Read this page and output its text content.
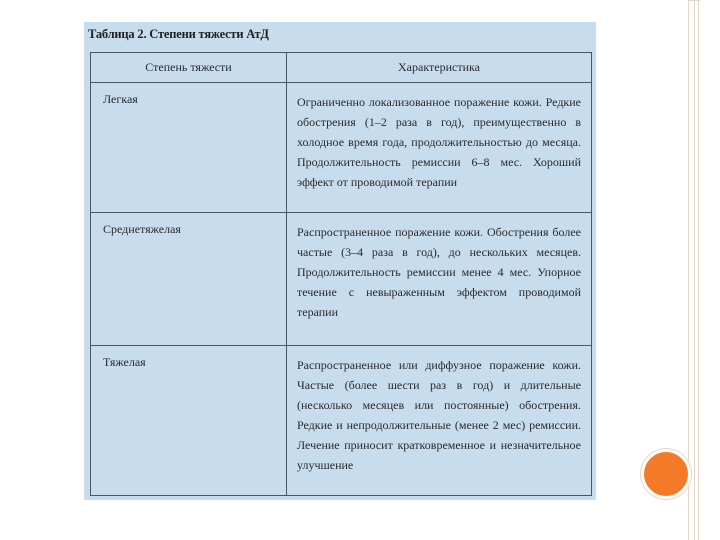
Таблица 2. Степени тяжести АтД
Степень тяжести	Характеристика
Легкая	Ограниченно локализованное поражение кожи. Редкие обострения (1–2 раза в год), преимущественно в холодное время года, продолжительностью до месяца. Продолжительность ремиссии 6–8 мес. Хороший эффект от проводимой терапии
Среднетяжелая	Распространенное поражение кожи. Обострения более частые (3–4 раза в год), до нескольких месяцев. Продолжительность ремиссии менее 4 мес. Упорное течение с невыраженным эффектом проводимой терапии
Тяжелая	Распространенное или диффузное поражение кожи. Частые (более шести раз в год) и длительные (несколько месяцев или постоянные) обострения. Редкие и непродолжительные (менее 2 мес) ремиссии. Лечение приносит кратковременное и незначительное улучшение
